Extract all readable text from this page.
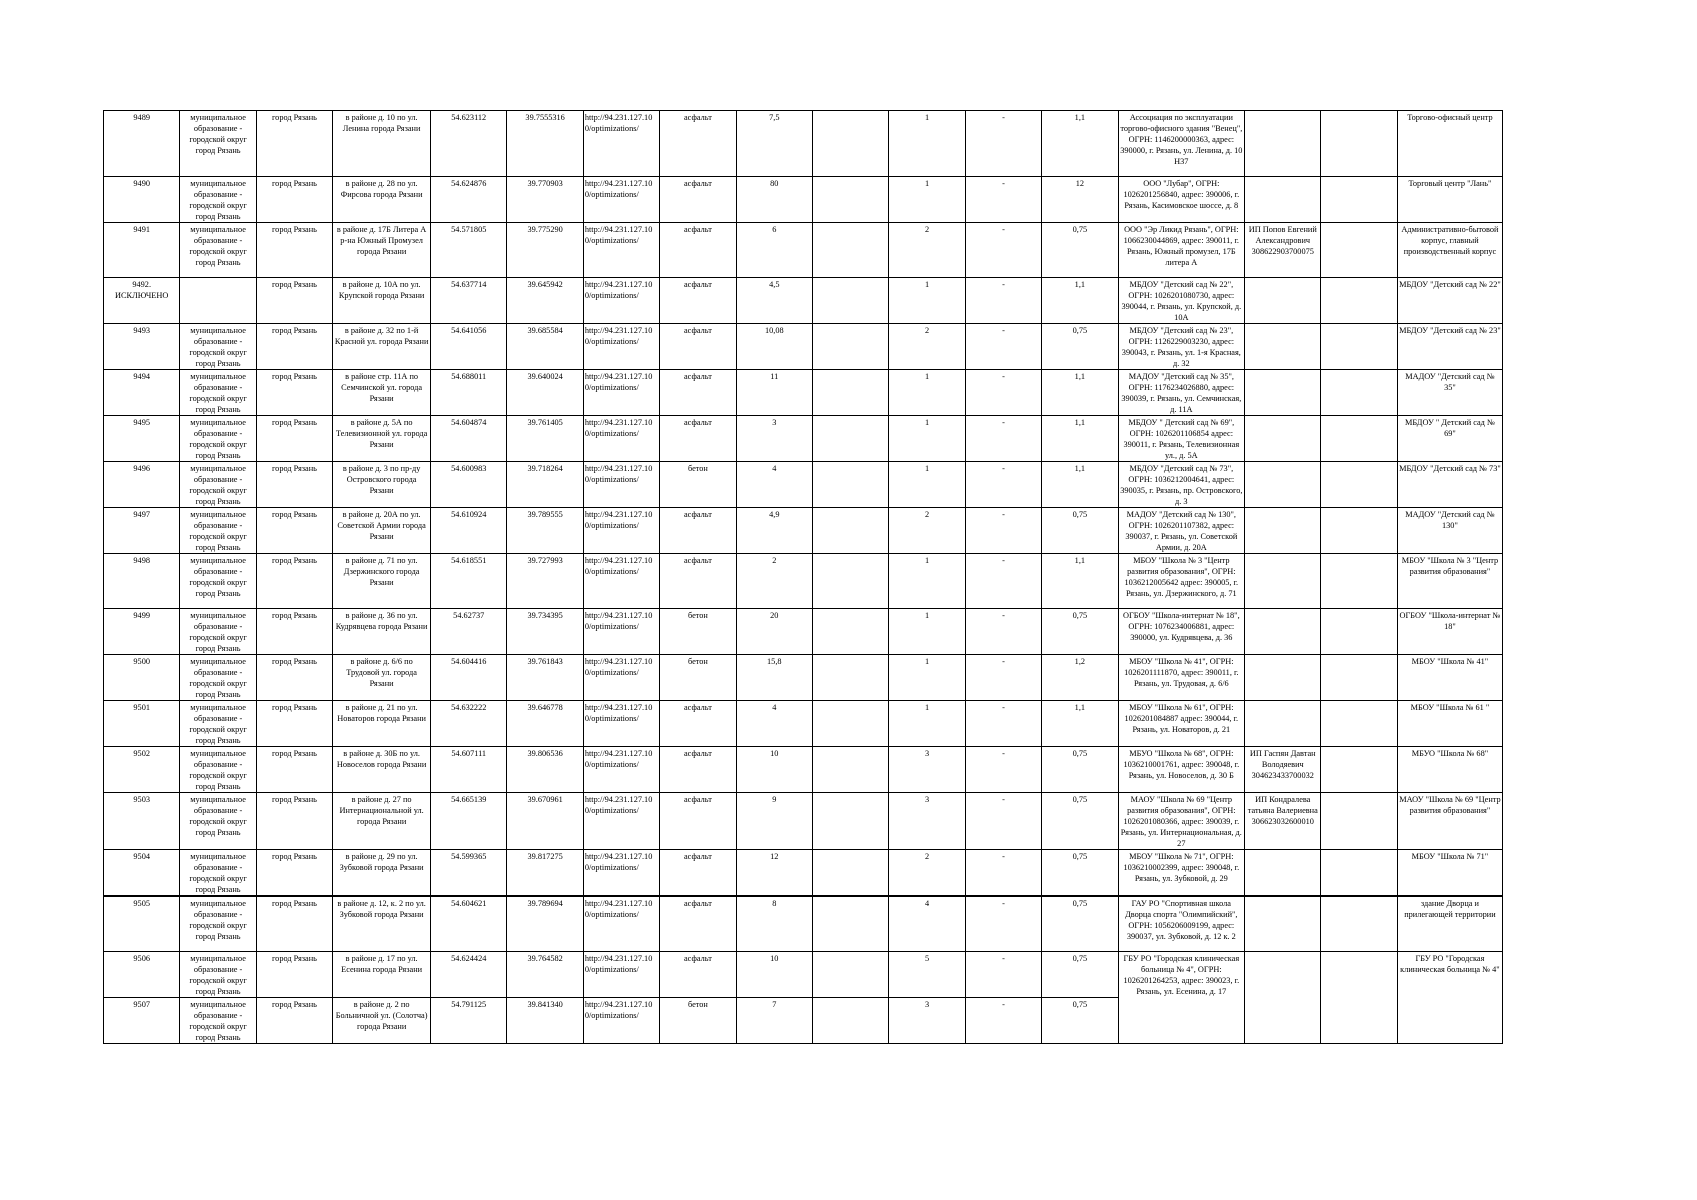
9489	муниципальное образование - городской округ город Рязань	город Рязань	в районе д. 10 по ул. Ленина города Рязани	54.623112	39.7555316	http://94.231.127.10 0/optimizations/	асфальт	7,5		1	-	1,1	Ассоциация по эксплуатации торгово-офисного здания "Венец", ОГРН: 1146200000363, адрес: 390000, г. Рязань, ул. Ленина, д. 10 Н37			Торгово-офисный центр
9490	муниципальное образование - городской округ город Рязань	город Рязань	в районе д. 28 по ул. Фирсова города Рязани	54.624876	39.770903	http://94.231.127.10 0/optimizations/	асфальт	80		1	-	12	ООО "Лубар", ОГРН: 1026201256840, адрес: 390006, г. Рязань, Касимовское шоссе, д. 8			Торговый центр "Лань"
9491	муниципальное образование - городской округ город Рязань	город Рязань	в районе д. 17Б Литера А р-на Южный Промузел города Рязани	54.571805	39.775290	http://94.231.127.10 0/optimizations/	асфальт	6		2	-	0,75	ООО "Эр Ликид Рязань", ОГРН: 1066230044869, адрес: 390011, г. Рязань, Южный промузел, 17Б литера А	ИП Попов Евгений Александрович 308622903700075		Административно-бытовой корпус, главный производственный корпус
9492. ИСКЛЮЧЕНО		город Рязань	в районе д. 10А по ул. Крупской города Рязани	54.637714	39.645942	http://94.231.127.10 0/optimizations/	асфальт	4,5		1	-	1,1	МБДОУ "Детский сад № 22", ОГРН: 1026201080730, адрес: 390044, г. Рязань, ул. Крупской, д. 10А			МБДОУ "Детский сад № 22"
9493	муниципальное образование - городской округ город Рязань	город Рязань	в районе д. 32 по 1-й Красной ул. города Рязани	54.641056	39.685584	http://94.231.127.10 0/optimizations/	асфальт	10,08		2	-	0,75	МБДОУ "Детский сад № 23", ОГРН: 1126229003230, адрес: 390043, г. Рязань, ул. 1-я Красная, д. 32			МБДОУ "Детский сад № 23"
9494	муниципальное образование - городской округ город Рязань	город Рязань	в районе стр. 11А по Семчинской ул. города Рязани	54.688011	39.640024	http://94.231.127.10 0/optimizations/	асфальт	11		1	-	1,1	МАДОУ "Детский сад № 35", ОГРН: 1176234026880, адрес: 390039, г. Рязань, ул. Семчинская, д. 11А			МАДОУ "Детский сад № 35"
9495	муниципальное образование - городской округ город Рязань	город Рязань	в районе д. 5А по Телевизионной ул. города Рязани	54.604874	39.761405	http://94.231.127.10 0/optimizations/	асфальт	3		1	-	1,1	МБДОУ " Детский сад № 69", ОГРН: 1026201106854 адрес: 390011, г. Рязань, Телевизионная ул., д. 5А			МБДОУ " Детский сад № 69"
9496	муниципальное образование - городской округ город Рязань	город Рязань	в районе д. 3 по пр-ду Островского города Рязани	54.600983	39.718264	http://94.231.127.10 0/optimizations/	бетон	4		1	-	1,1	МБДОУ "Детский сад № 73", ОГРН: 1036212004641, адрес: 390035, г. Рязань, пр. Островского, д. 3			МБДОУ "Детский сад № 73"
9497	муниципальное образование - городской округ город Рязань	город Рязань	в районе д. 20А по ул. Советской Армии города Рязани	54.610924	39.789555	http://94.231.127.10 0/optimizations/	асфальт	4,9		2	-	0,75	МАДОУ "Детский сад № 130", ОГРН: 1026201107382, адрес: 390037, г. Рязань, ул. Советской Армии, д. 20А			МАДОУ "Детский сад № 130"
9498	муниципальное образование - городской округ город Рязань	город Рязань	в районе д. 71 по ул. Дзержинского города Рязани	54.618551	39.727993	http://94.231.127.10 0/optimizations/	асфальт	2		1	-	1,1	МБОУ "Школа № 3 "Центр развития образования", ОГРН: 1036212005642 адрес: 390005, г. Рязань, ул. Дзержинского, д. 71			МБОУ "Школа № 3 "Центр развития образования"
9499	муниципальное образование - городской округ город Рязань	город Рязань	в районе д. 36 по ул. Кудрявцева города Рязани	54.62737	39.734395	http://94.231.127.10 0/optimizations/	бетон	20		1	-	0,75	ОГБОУ "Школа-интернат № 18", ОГРН: 1076234006881, адрес: 390000, ул. Кудрявцева, д. 36			ОГБОУ "Школа-интернат № 18"
9500	муниципальное образование - городской округ город Рязань	город Рязань	в районе д. 6/6 по Трудовой ул. города Рязани	54.604416	39.761843	http://94.231.127.10 0/optimizations/	бетон	15,8		1	-	1,2	МБОУ "Школа № 41", ОГРН: 1026201111870, адрес: 390011, г. Рязань, ул. Трудовая, д. 6/6			МБОУ "Школа № 41"
9501	муниципальное образование - городской округ город Рязань	город Рязань	в районе д. 21 по ул. Новаторов города Рязани	54.632222	39.646778	http://94.231.127.10 0/optimizations/	асфальт	4		1	-	1,1	МБОУ "Школа № 61", ОГРН: 1026201084887 адрес: 390044, г. Рязань, ул. Новаторов, д. 21			МБОУ "Школа № 61 "
9502	муниципальное образование - городской округ город Рязань	город Рязань	в районе д. 30Б по ул. Новоселов города Рязани	54.607111	39.806536	http://94.231.127.10 0/optimizations/	асфальт	10		3	-	0,75	МБУО "Школа № 68", ОГРН: 1036210001761, адрес: 390048, г. Рязань, ул. Новоселов, д. 30 Б	ИП Гаспян Давтан Володяевич 304623433700032		МБУО "Школа № 68"
9503	муниципальное образование - городской округ город Рязань	город Рязань	в районе д. 27 по Интернациональной ул. города Рязани	54.665139	39.670961	http://94.231.127.10 0/optimizations/	асфальт	9		3	-	0,75	МАОУ "Школа № 69 "Центр развития образования", ОГРН: 1026201080366, адрес: 390039, г. Рязань, ул. Интернациональная, д. 27	ИП Кондралева татьяна Валериевна 306623032600010		МАОУ "Школа № 69 "Центр развития образования"
9504	муниципальное образование - городской округ город Рязань	город Рязань	в районе д. 29 по ул. Зубковой города Рязани	54.599365	39.817275	http://94.231.127.10 0/optimizations/	асфальт	12		2	-	0,75	МБОУ "Школа № 71", ОГРН: 1036210002399, адрес: 390048, г. Рязань, ул. Зубковой, д. 29			МБОУ "Школа № 71"
9505	муниципальное образование - городской округ город Рязань	город Рязань	в районе д. 12, к. 2 по ул. Зубковой города Рязани	54.604621	39.789694	http://94.231.127.10 0/optimizations/	асфальт	8		4	-	0,75	ГАУ РО "Спортивная школа Дворца спорта "Олимпийский", ОГРН: 1056206009199, адрес: 390037, ул. Зубковой, д. 12 к. 2			здание Дворца и прилегающей территории
9506	муниципальное образование - городской округ город Рязань	город Рязань	в районе д. 17 по ул. Есенина города Рязани	54.624424	39.764582	http://94.231.127.10 0/optimizations/	асфальт	10		5	-	0,75	ГБУ РО "Городская клиническая больница № 4", ОГРН: 1026201264253, адрес: 390023, г. Рязань, ул. Есенина, д. 17			ГБУ РО "Городская клиническая больница № 4"
9507	муниципальное образование - городской округ город Рязань	город Рязань	в районе д. 2 по Больничной ул. (Солотча) города Рязани	54.791125	39.841340	http://94.231.127.10 0/optimizations/	бетон	7		3	-	0,75				
